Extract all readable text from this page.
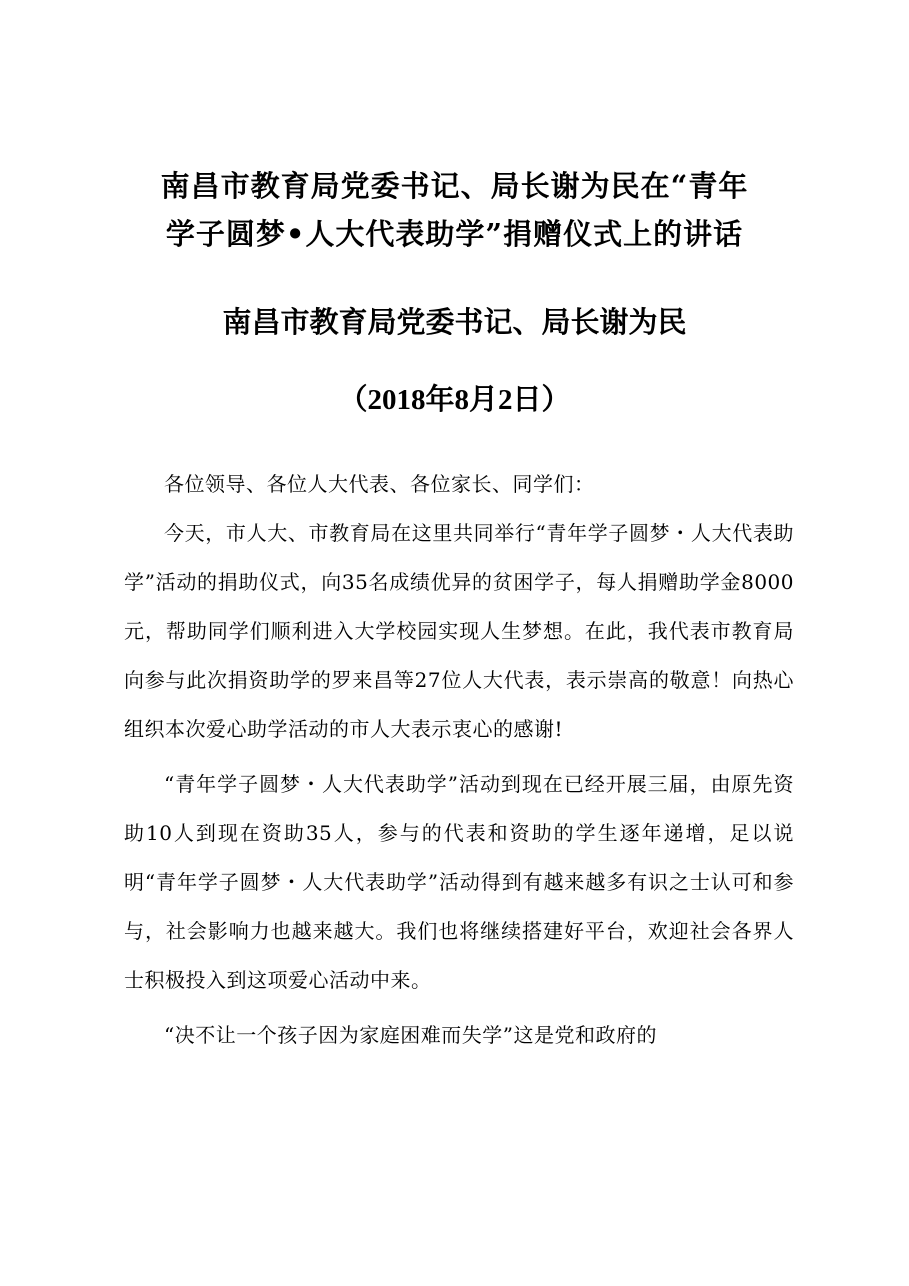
南昌市教育局党委书记、局长谢为民在“青年
学子圆梦•人大代表助学”捐赠仪式上的讲话

南昌市教育局党委书记、局长谢为民

（2018年8月2日）

各位领导、各位人大代表、各位家长、同学们：

今天，市人大、市教育局在这里共同举行“青年学子圆梦・人大代表助学”活动的捐助仪式，向35名成绩优异的贫困学子，每人捐赠助学金8000元，帮助同学们顺利进入大学校园实现人生梦想。在此，我代表市教育局向参与此次捐资助学的罗来昌等27位人大代表，表示崇高的敬意！向热心组织本次爱心助学活动的市人大表示衷心的感谢!

“青年学子圆梦・人大代表助学”活动到现在已经开展三届，由原先资助10人到现在资助35人，参与的代表和资助的学生逐年递增，足以说明“青年学子圆梦・人大代表助学”活动得到有越来越多有识之士认可和参与，社会影响力也越来越大。我们也将继续搭建好平台，欢迎社会各界人士积极投入到这项爱心活动中来。

“决不让一个孩子因为家庭困难而失学”这是党和政府的
